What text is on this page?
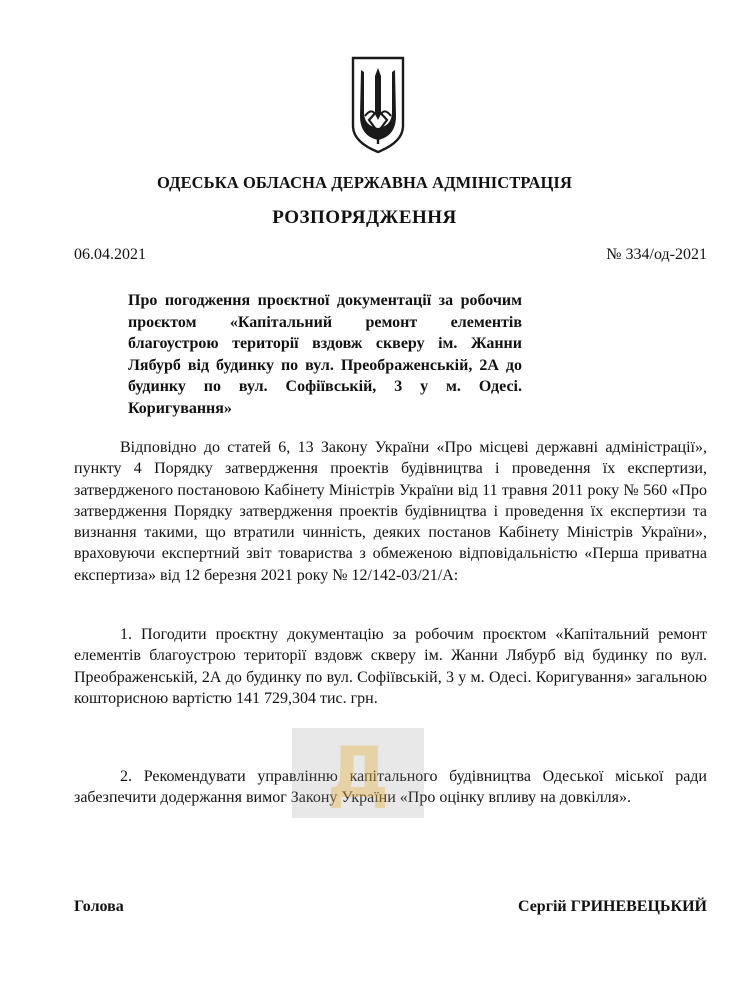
ОДЕСЬКА ОБЛАСНА ДЕРЖАВНА АДМІНІСТРАЦІЯ
РОЗПОРЯДЖЕННЯ
06.04.2021	№ 334/од-2021
Про погодження проєктної документації за робочим проєктом «Капітальний ремонт елементів благоустрою території вздовж скверу ім. Жанни Лябурб від будинку по вул. Преображенській, 2А до будинку по вул. Софіївській, 3 у м. Одесі. Коригування»
Відповідно до статей 6, 13 Закону України «Про місцеві державні адміністрації», пункту 4 Порядку затвердження проектів будівництва і проведення їх експертизи, затвердженого постановою Кабінету Міністрів України від 11 травня 2011 року № 560 «Про затвердження Порядку затвердження проектів будівництва і проведення їх експертизи та визнання такими, що втратили чинність, деяких постанов Кабінету Міністрів України», враховуючи експертний звіт товариства з обмеженою відповідальністю «Перша приватна експертиза» від 12 березня 2021 року № 12/142-03/21/А:
1. Погодити проєктну документацію за робочим проєктом «Капітальний ремонт елементів благоустрою території вздовж скверу ім. Жанни Лябурб від будинку по вул. Преображенській, 2А до будинку по вул. Софіївській, 3 у м. Одесі. Коригування» загальною кошторисною вартістю 141 729,304 тис. грн.
2. Рекомендувати управлінню капітального будівництва Одеської міської ради забезпечити додержання вимог Закону України «Про оцінку впливу на довкілля».
Голова	Сергій ГРИНЕВЕЦЬКИЙ
Д
